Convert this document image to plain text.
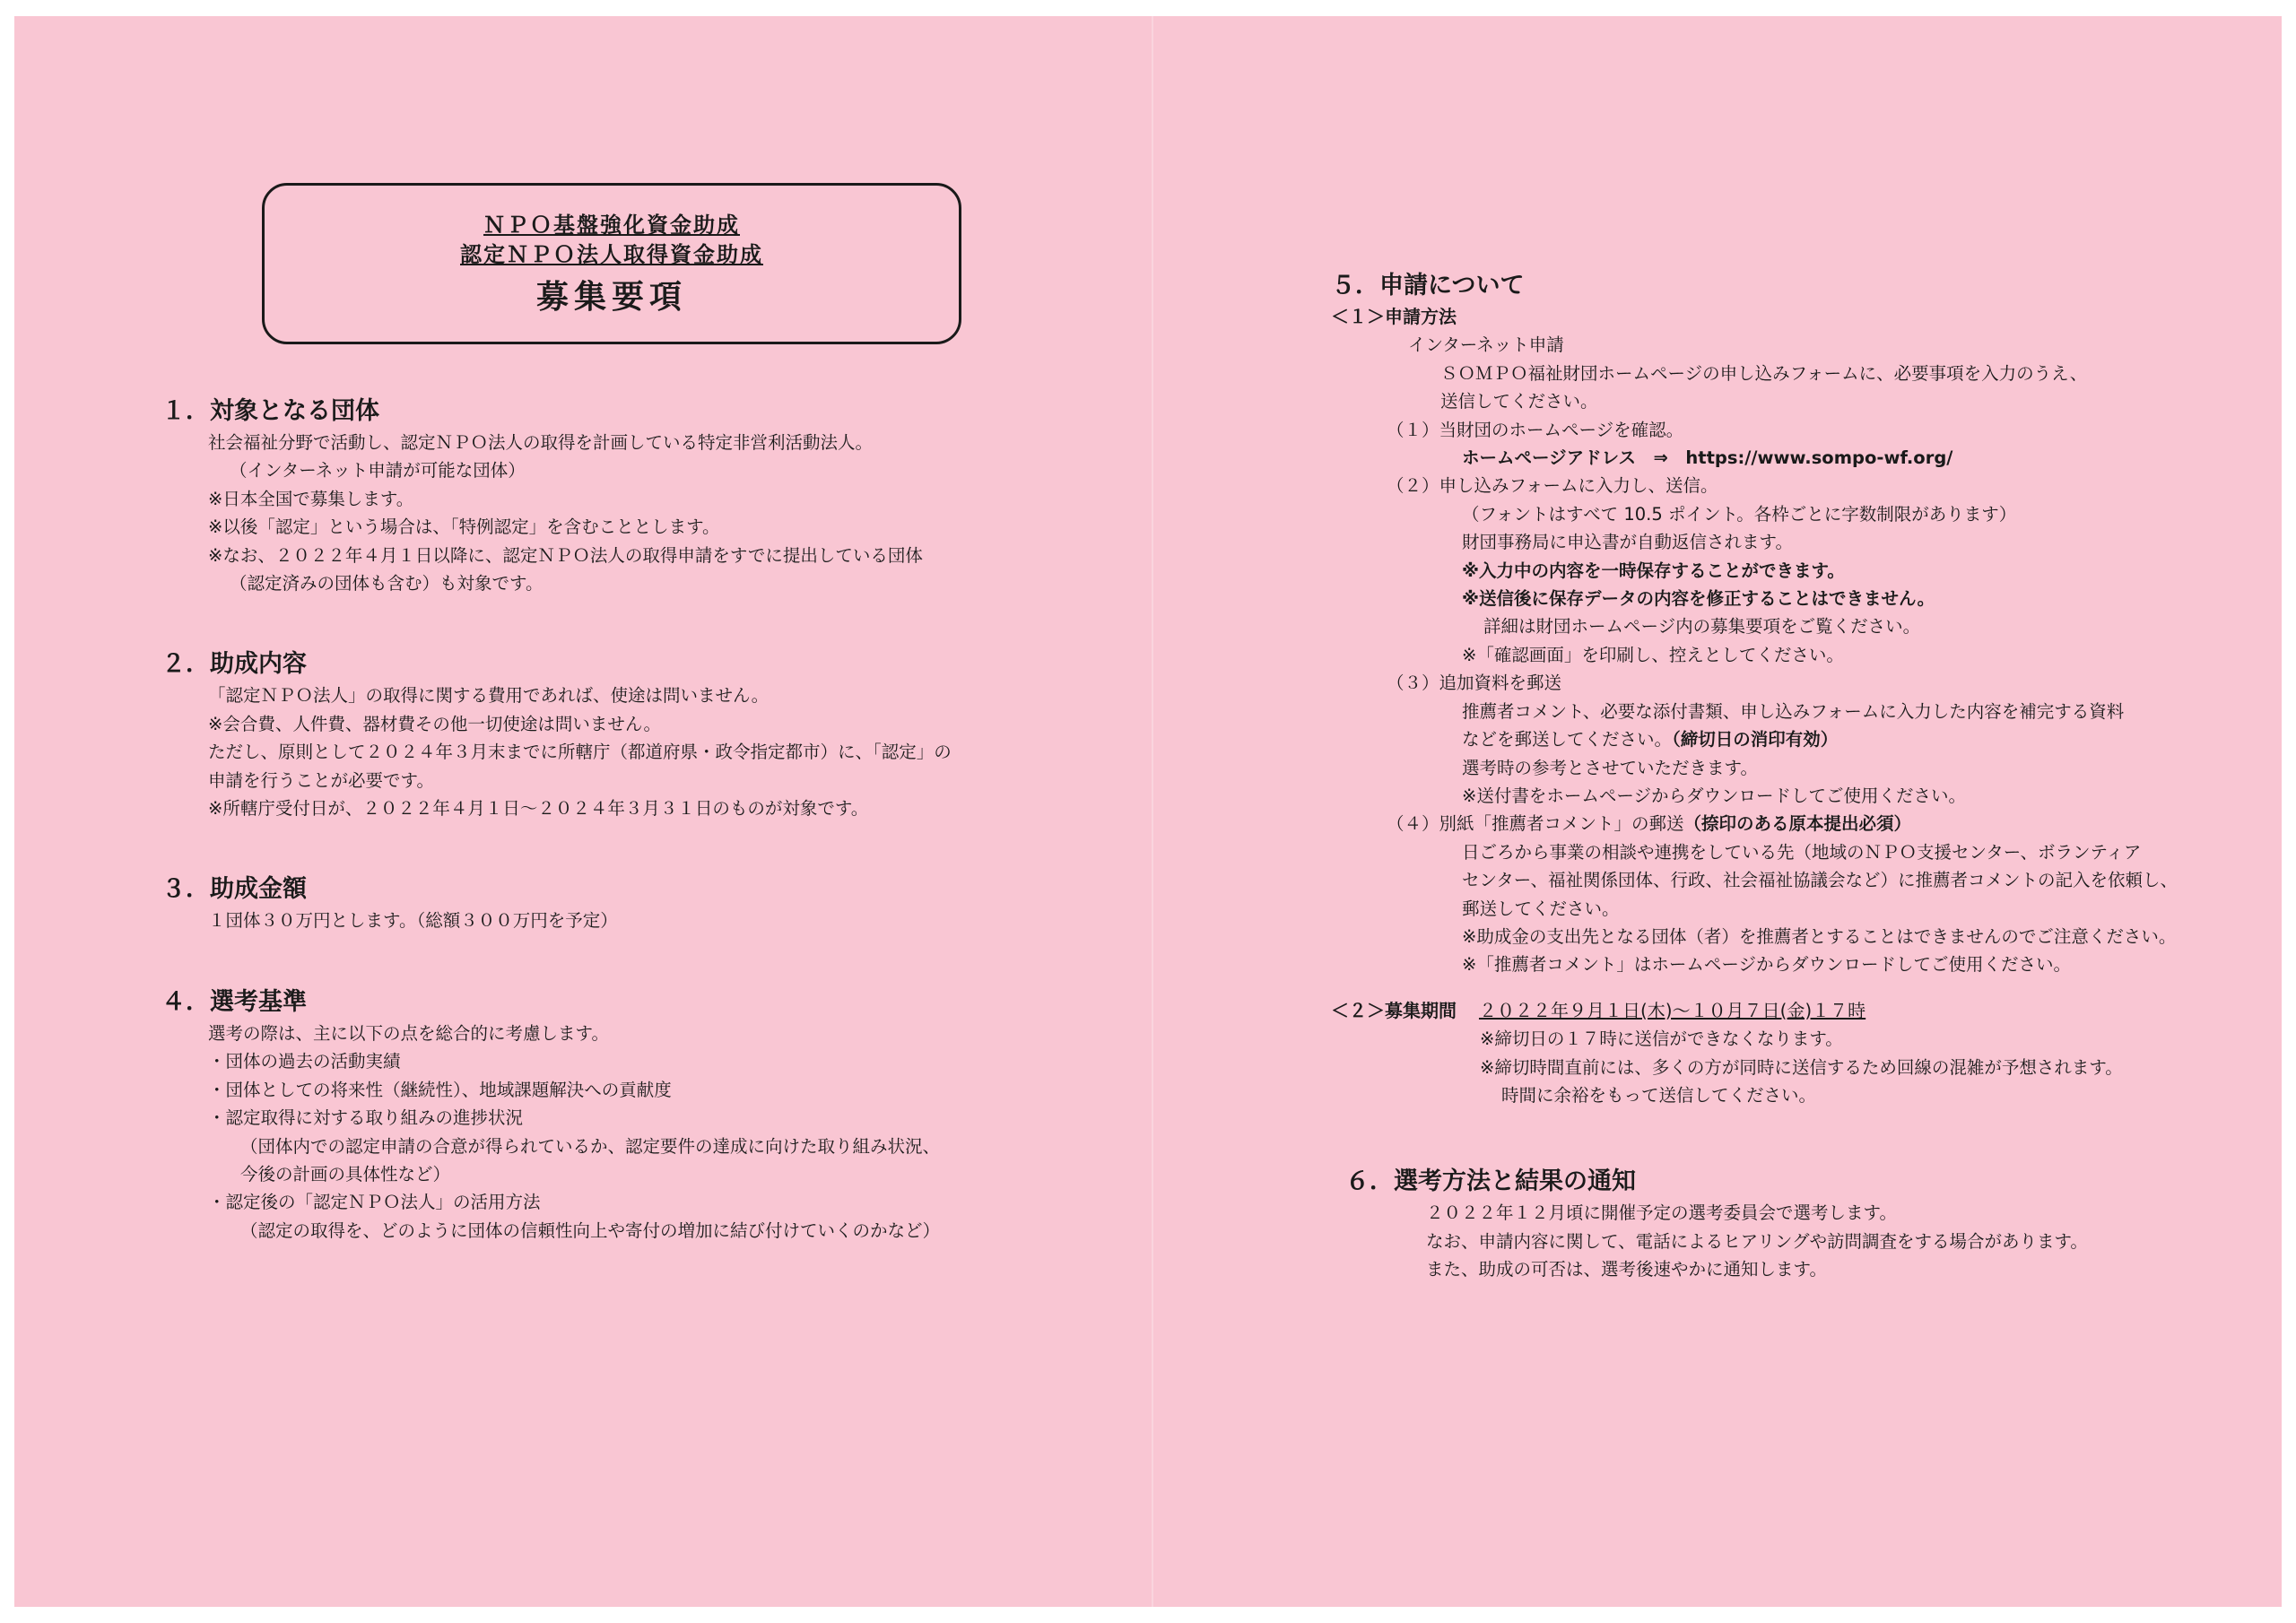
ＮＰＯ基盤強化資金助成
認定ＮＰＯ法人取得資金助成
募集要項
１．対象となる団体
社会福祉分野で活動し、認定ＮＰＯ法人の取得を計画している特定非営利活動法人。
（インターネット申請が可能な団体）
※日本全国で募集します。
※以後「認定」という場合は、「特例認定」を含むこととします。
※なお、２０２２年４月１日以降に、認定ＮＰＯ法人の取得申請をすでに提出している団体
（認定済みの団体も含む）も対象です。
２．助成内容
「認定ＮＰＯ法人」の取得に関する費用であれば、使途は問いません。
※会合費、人件費、器材費その他一切使途は問いません。
ただし、原則として２０２４年３月末までに所轄庁（都道府県・政令指定都市）に、「認定」の
申請を行うことが必要です。
※所轄庁受付日が、２０２２年４月１日～２０２４年３月３１日のものが対象です。
３．助成金額
１団体３０万円とします。（総額３００万円を予定）
４．選考基準
選考の際は、主に以下の点を総合的に考慮します。
・団体の過去の活動実績
・団体としての将来性（継続性）、地域課題解決への貢献度
・認定取得に対する取り組みの進捗状況
（団体内での認定申請の合意が得られているか、認定要件の達成に向けた取り組み状況、
今後の計画の具体性など）
・認定後の「認定ＮＰＯ法人」の活用方法
（認定の取得を、どのように団体の信頼性向上や寄付の増加に結び付けていくのかなど）
５．申請について
＜１＞申請方法
インターネット申請
ＳＯＭＰＯ福祉財団ホームページの申し込みフォームに、必要事項を入力のうえ、
送信してください。
（１）当財団のホームページを確認。
ホームページアドレス　⇒　https://www.sompo-wf.org/
（２）申し込みフォームに入力し、送信。
（フォントはすべて 10.5 ポイント。各枠ごとに字数制限があります）
財団事務局に申込書が自動返信されます。
※入力中の内容を一時保存することができます。
※送信後に保存データの内容を修正することはできません。
詳細は財団ホームページ内の募集要項をご覧ください。
※「確認画面」を印刷し、控えとしてください。
（３）追加資料を郵送
推薦者コメント、必要な添付書類、申し込みフォームに入力した内容を補完する資料
などを郵送してください。（締切日の消印有効）
選考時の参考とさせていただきます。
※送付書をホームページからダウンロードしてご使用ください。
（４）別紙「推薦者コメント」の郵送（捺印のある原本提出必須）
日ごろから事業の相談や連携をしている先（地域のＮＰＯ支援センター、ボランティア
センター、福祉関係団体、行政、社会福祉協議会など）に推薦者コメントの記入を依頼し、
郵送してください。
※助成金の支出先となる団体（者）を推薦者とすることはできませんのでご注意ください。
※「推薦者コメント」はホームページからダウンロードしてご使用ください。
＜２＞募集期間 ２０２２年９月１日(木)～１０月７日(金)１７時
※締切日の１７時に送信ができなくなります。
※締切時間直前には、多くの方が同時に送信するため回線の混雑が予想されます。
時間に余裕をもって送信してください。
６．選考方法と結果の通知
２０２２年１２月頃に開催予定の選考委員会で選考します。
なお、申請内容に関して、電話によるヒアリングや訪問調査をする場合があります。
また、助成の可否は、選考後速やかに通知します。
